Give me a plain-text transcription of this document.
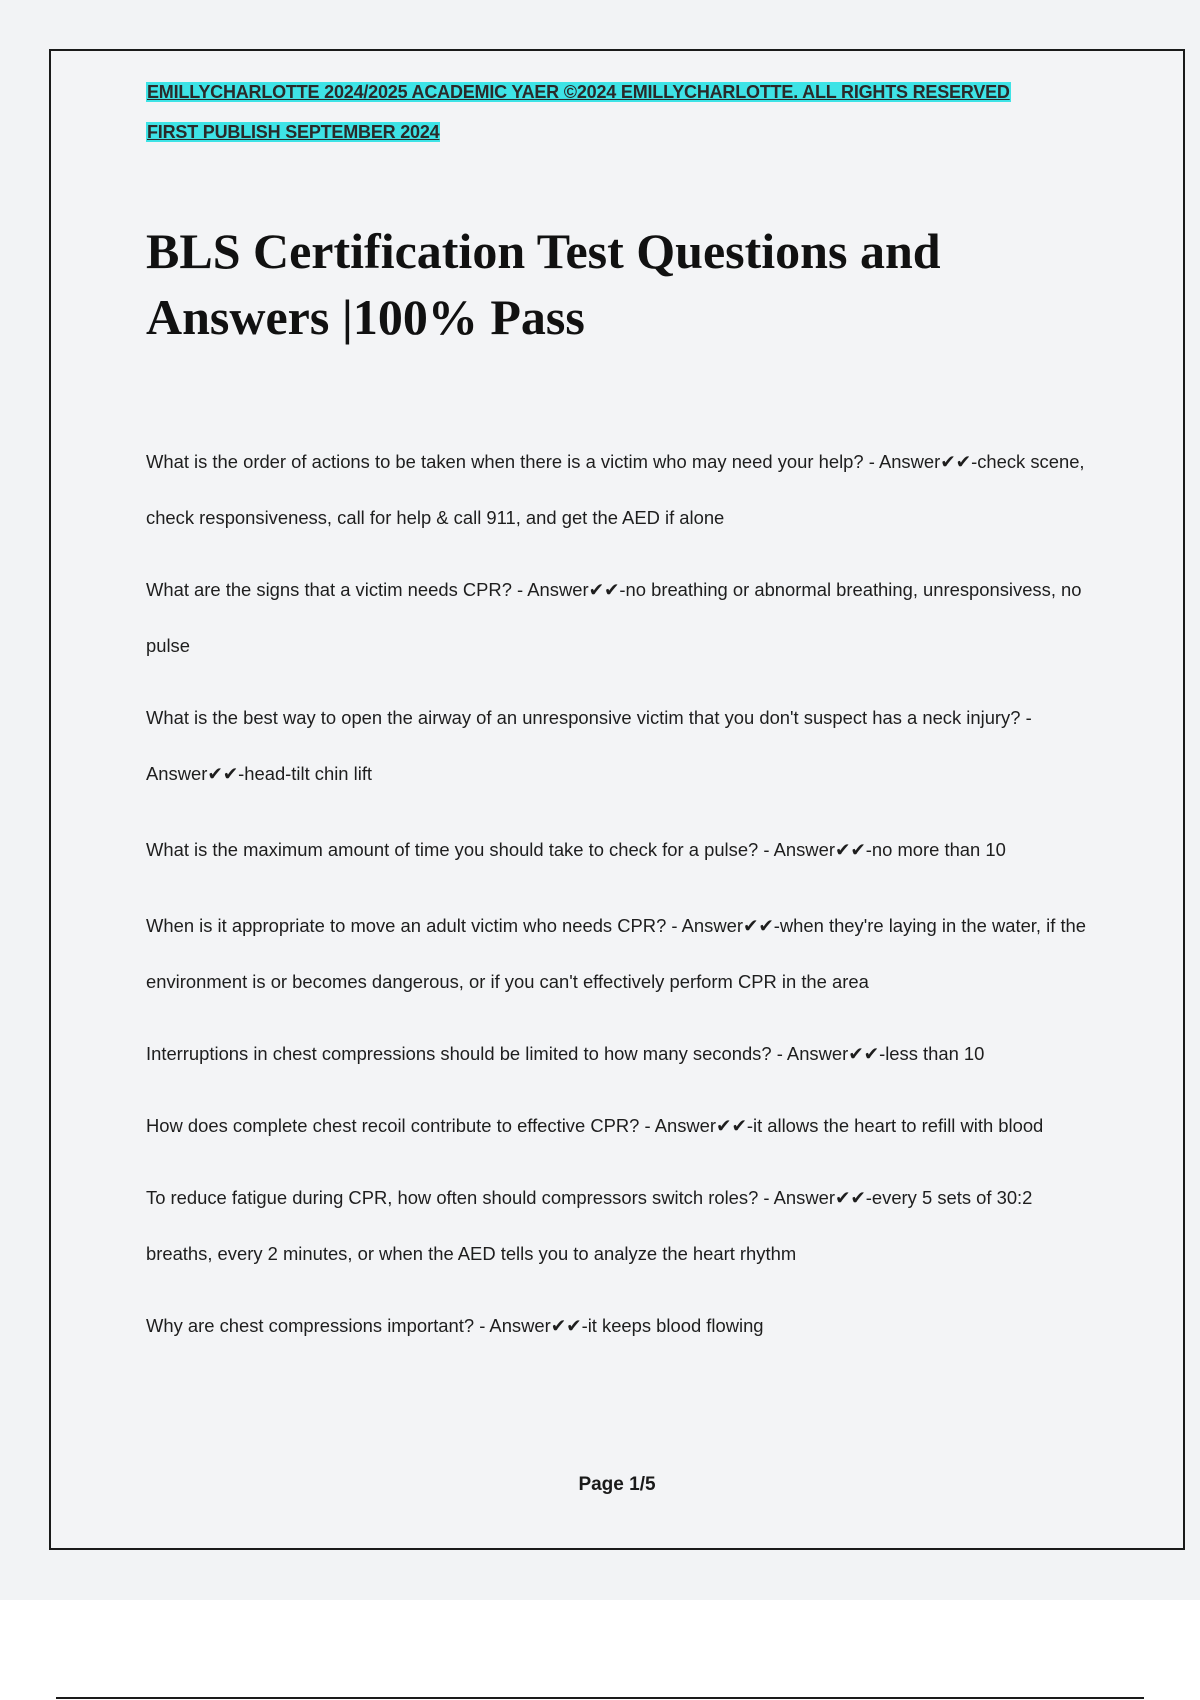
EMILLYCHARLOTTE 2024/2025 ACADEMIC YAER ©2024 EMILLYCHARLOTTE. ALL RIGHTS RESERVED
FIRST PUBLISH SEPTEMBER 2024
BLS Certification Test Questions and Answers |100% Pass
What is the order of actions to be taken when there is a victim who may need your help? - Answer✔✔-check scene, check responsiveness, call for help & call 911, and get the AED if alone
What are the signs that a victim needs CPR? - Answer✔✔-no breathing or abnormal breathing, unresponsivess, no pulse
What is the best way to open the airway of an unresponsive victim that you don't suspect has a neck injury? - Answer✔✔-head-tilt chin lift
What is the maximum amount of time you should take to check for a pulse? - Answer✔✔-no more than 10
When is it appropriate to move an adult victim who needs CPR? - Answer✔✔-when they're laying in the water, if the environment is or becomes dangerous, or if you can't effectively perform CPR in the area
Interruptions in chest compressions should be limited to how many seconds? - Answer✔✔-less than 10
How does complete chest recoil contribute to effective CPR? - Answer✔✔-it allows the heart to refill with blood
To reduce fatigue during CPR, how often should compressors switch roles? - Answer✔✔-every 5 sets of 30:2 breaths, every 2 minutes, or when the AED tells you to analyze the heart rhythm
Why are chest compressions important? - Answer✔✔-it keeps blood flowing
Page 1/5
